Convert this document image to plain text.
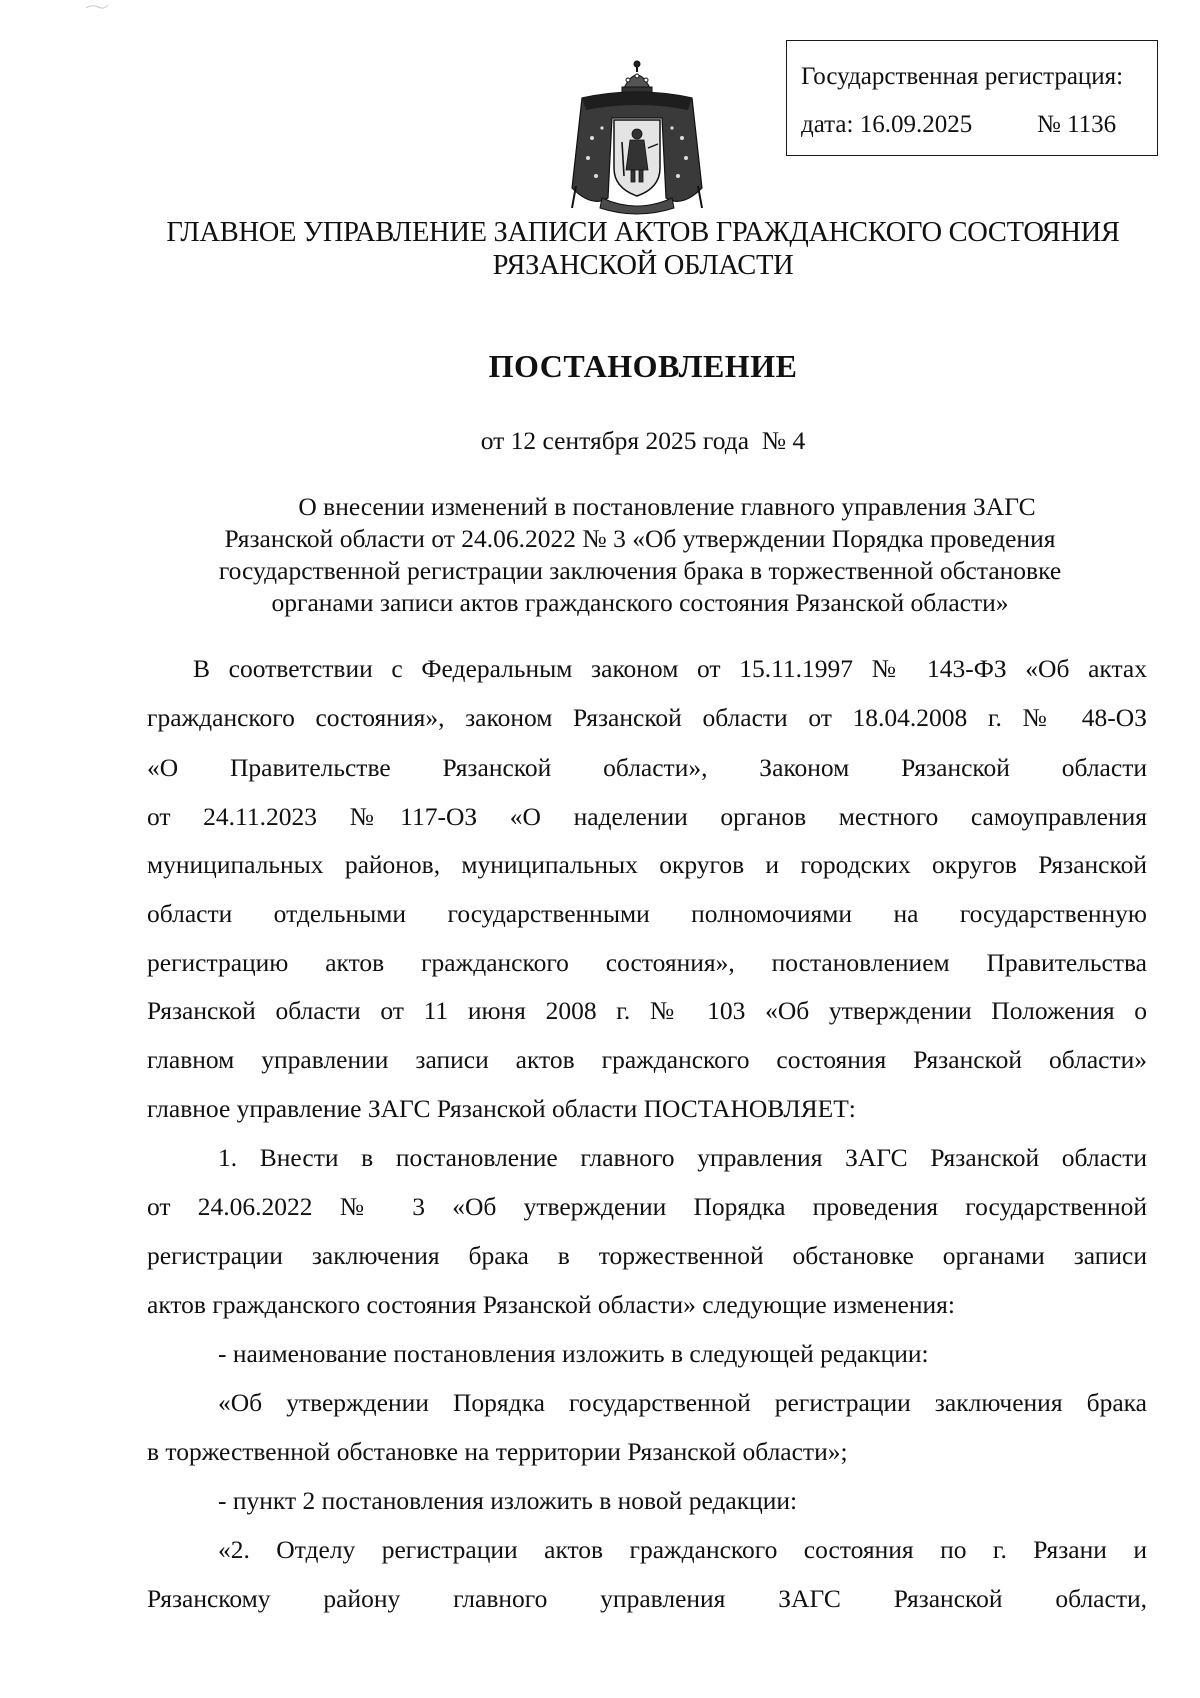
Государственная регистрация:
дата: 16.09.2025	№ 1136
ГЛАВНОЕ УПРАВЛЕНИЕ ЗАПИСИ АКТОВ ГРАЖДАНСКОГО СОСТОЯНИЯ
РЯЗАНСКОЙ ОБЛАСТИ
ПОСТАНОВЛЕНИЕ
от 12 сентября 2025 года  № 4
О внесении изменений в постановление главного управления ЗАГС
Рязанской области от 24.06.2022 № 3 «Об утверждении Порядка проведения
государственной регистрации заключения брака в торжественной обстановке
органами записи актов гражданского состояния Рязанской области»
В соответствии с Федеральным законом от 15.11.1997 № 143-ФЗ «Об актах
гражданского состояния», законом Рязанской области от 18.04.2008 г. № 48-ОЗ
«О Правительстве Рязанской области», Законом Рязанской области
от 24.11.2023 №117-ОЗ «О наделении органов местного самоуправления
муниципальных районов, муниципальных округов и городских округов Рязанской
области отдельными государственными полномочиями на государственную
регистрацию актов гражданского состояния», постановлением Правительства
Рязанской области от 11 июня 2008 г. № 103 «Об утверждении Положения о
главном управлении записи актов гражданского состояния Рязанской области»
главное управление ЗАГС Рязанской области ПОСТАНОВЛЯЕТ:
1. Внести в постановление главного управления ЗАГС Рязанской области
от 24.06.2022 № 3 «Об утверждении Порядка проведения государственной
регистрации заключения брака в торжественной обстановке органами записи
актов гражданского состояния Рязанской области» следующие изменения:
- наименование постановления изложить в следующей редакции:
«Об утверждении Порядка государственной регистрации заключения брака
в торжественной обстановке на территории Рязанской области»;
- пункт 2 постановления изложить в новой редакции:
«2. Отделу регистрации актов гражданского состояния по г. Рязани и
Рязанскому району главного управления ЗАГС Рязанской области,
